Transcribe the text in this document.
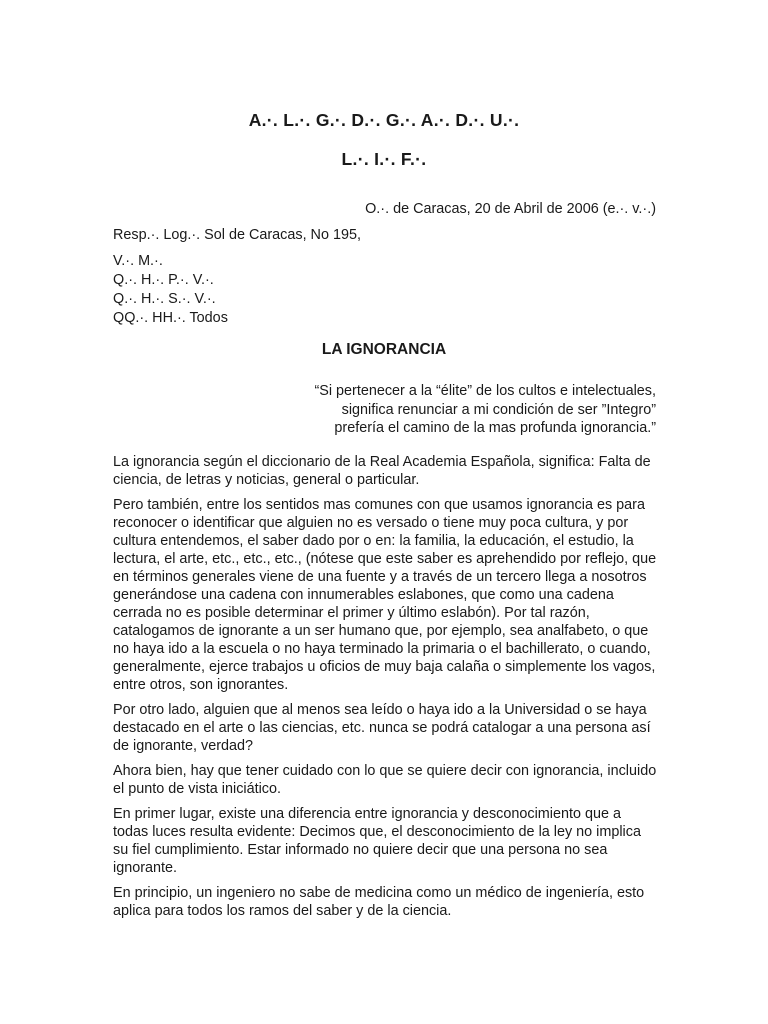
A.·. L.·. G.·. D.·. G.·. A.·. D.·. U.·.
L.·. I.·. F.·.
O.·. de Caracas, 20 de Abril de 2006 (e.·. v.·.)
Resp.·. Log.·. Sol de Caracas, No 195,
V.·. M.·.
Q.·. H.·. P.·. V.·.
Q.·. H.·. S.·. V.·.
QQ.·. HH.·. Todos
LA IGNORANCIA
“Si pertenecer a la “élite” de los cultos e intelectuales,
significa renunciar a mi condición de ser ”Integro”
prefería el camino de la mas profunda ignorancia.”

La ignorancia según el diccionario de la Real Academia Española, significa: Falta de ciencia, de letras y noticias, general o particular.

Pero también, entre los sentidos mas comunes con que usamos ignorancia es para reconocer o identificar que alguien no es versado o tiene muy poca cultura, y por cultura entendemos, el saber dado por o en: la familia, la educación, el estudio, la lectura, el arte, etc., etc., etc., (nótese que este saber es aprehendido por reflejo, que en términos generales viene de una fuente y a través de un tercero llega a nosotros generándose una cadena con innumerables eslabones, que como una cadena cerrada no es posible determinar el primer y último eslabón). Por tal razón, catalogamos de ignorante a un ser humano que, por ejemplo, sea analfabeto, o que no haya ido a la escuela o no haya terminado la primaria o el bachillerato, o cuando, generalmente, ejerce trabajos u oficios de muy baja calaña o simplemente los vagos, entre otros, son ignorantes.

Por otro lado, alguien que al menos sea leído o haya ido a la Universidad o se haya destacado en el arte o las ciencias, etc. nunca se podrá catalogar a una persona así de ignorante, verdad?

Ahora bien, hay que tener cuidado con lo que se quiere decir con ignorancia, incluido el punto de vista iniciático.

En primer lugar, existe una diferencia entre ignorancia y desconocimiento que a todas luces resulta evidente: Decimos que, el desconocimiento de la ley no implica su fiel cumplimiento. Estar informado no quiere decir que una persona no sea ignorante.

En principio, un ingeniero no sabe de medicina como un médico de ingeniería, esto aplica para todos los ramos del saber y de la ciencia.
